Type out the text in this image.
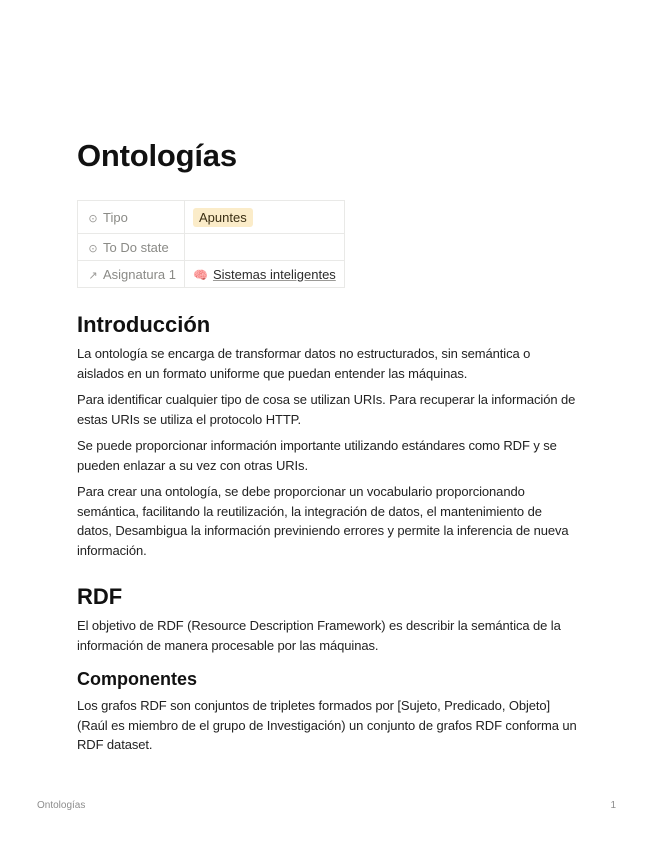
Ontologías
⊙ Tipo	Apuntes
⊙ To Do state	
↗ Asignatura 1	🧠 Sistemas inteligentes
Introducción

La ontología se encarga de transformar datos no estructurados, sin semántica o aislados en un formato uniforme que puedan entender las máquinas.

Para identificar cualquier tipo de cosa se utilizan URIs. Para recuperar la información de estas URIs se utiliza el protocolo HTTP.

Se puede proporcionar información importante utilizando estándares como RDF y se pueden enlazar a su vez con otras URIs.

Para crear una ontología, se debe proporcionar un vocabulario proporcionando semántica, facilitando la reutilización, la integración de datos, el mantenimiento de datos, Desambigua la información previniendo errores y permite la inferencia de nueva información.

RDF

El objetivo de RDF (Resource Description Framework) es describir la semántica de la información de manera procesable por las máquinas.

Componentes

Los grafos RDF son conjuntos de tripletes formados por [Sujeto, Predicado, Objeto] (Raúl es miembro de el grupo de Investigación) un conjunto de grafos RDF conforma un RDF dataset.

Ontologías	1
